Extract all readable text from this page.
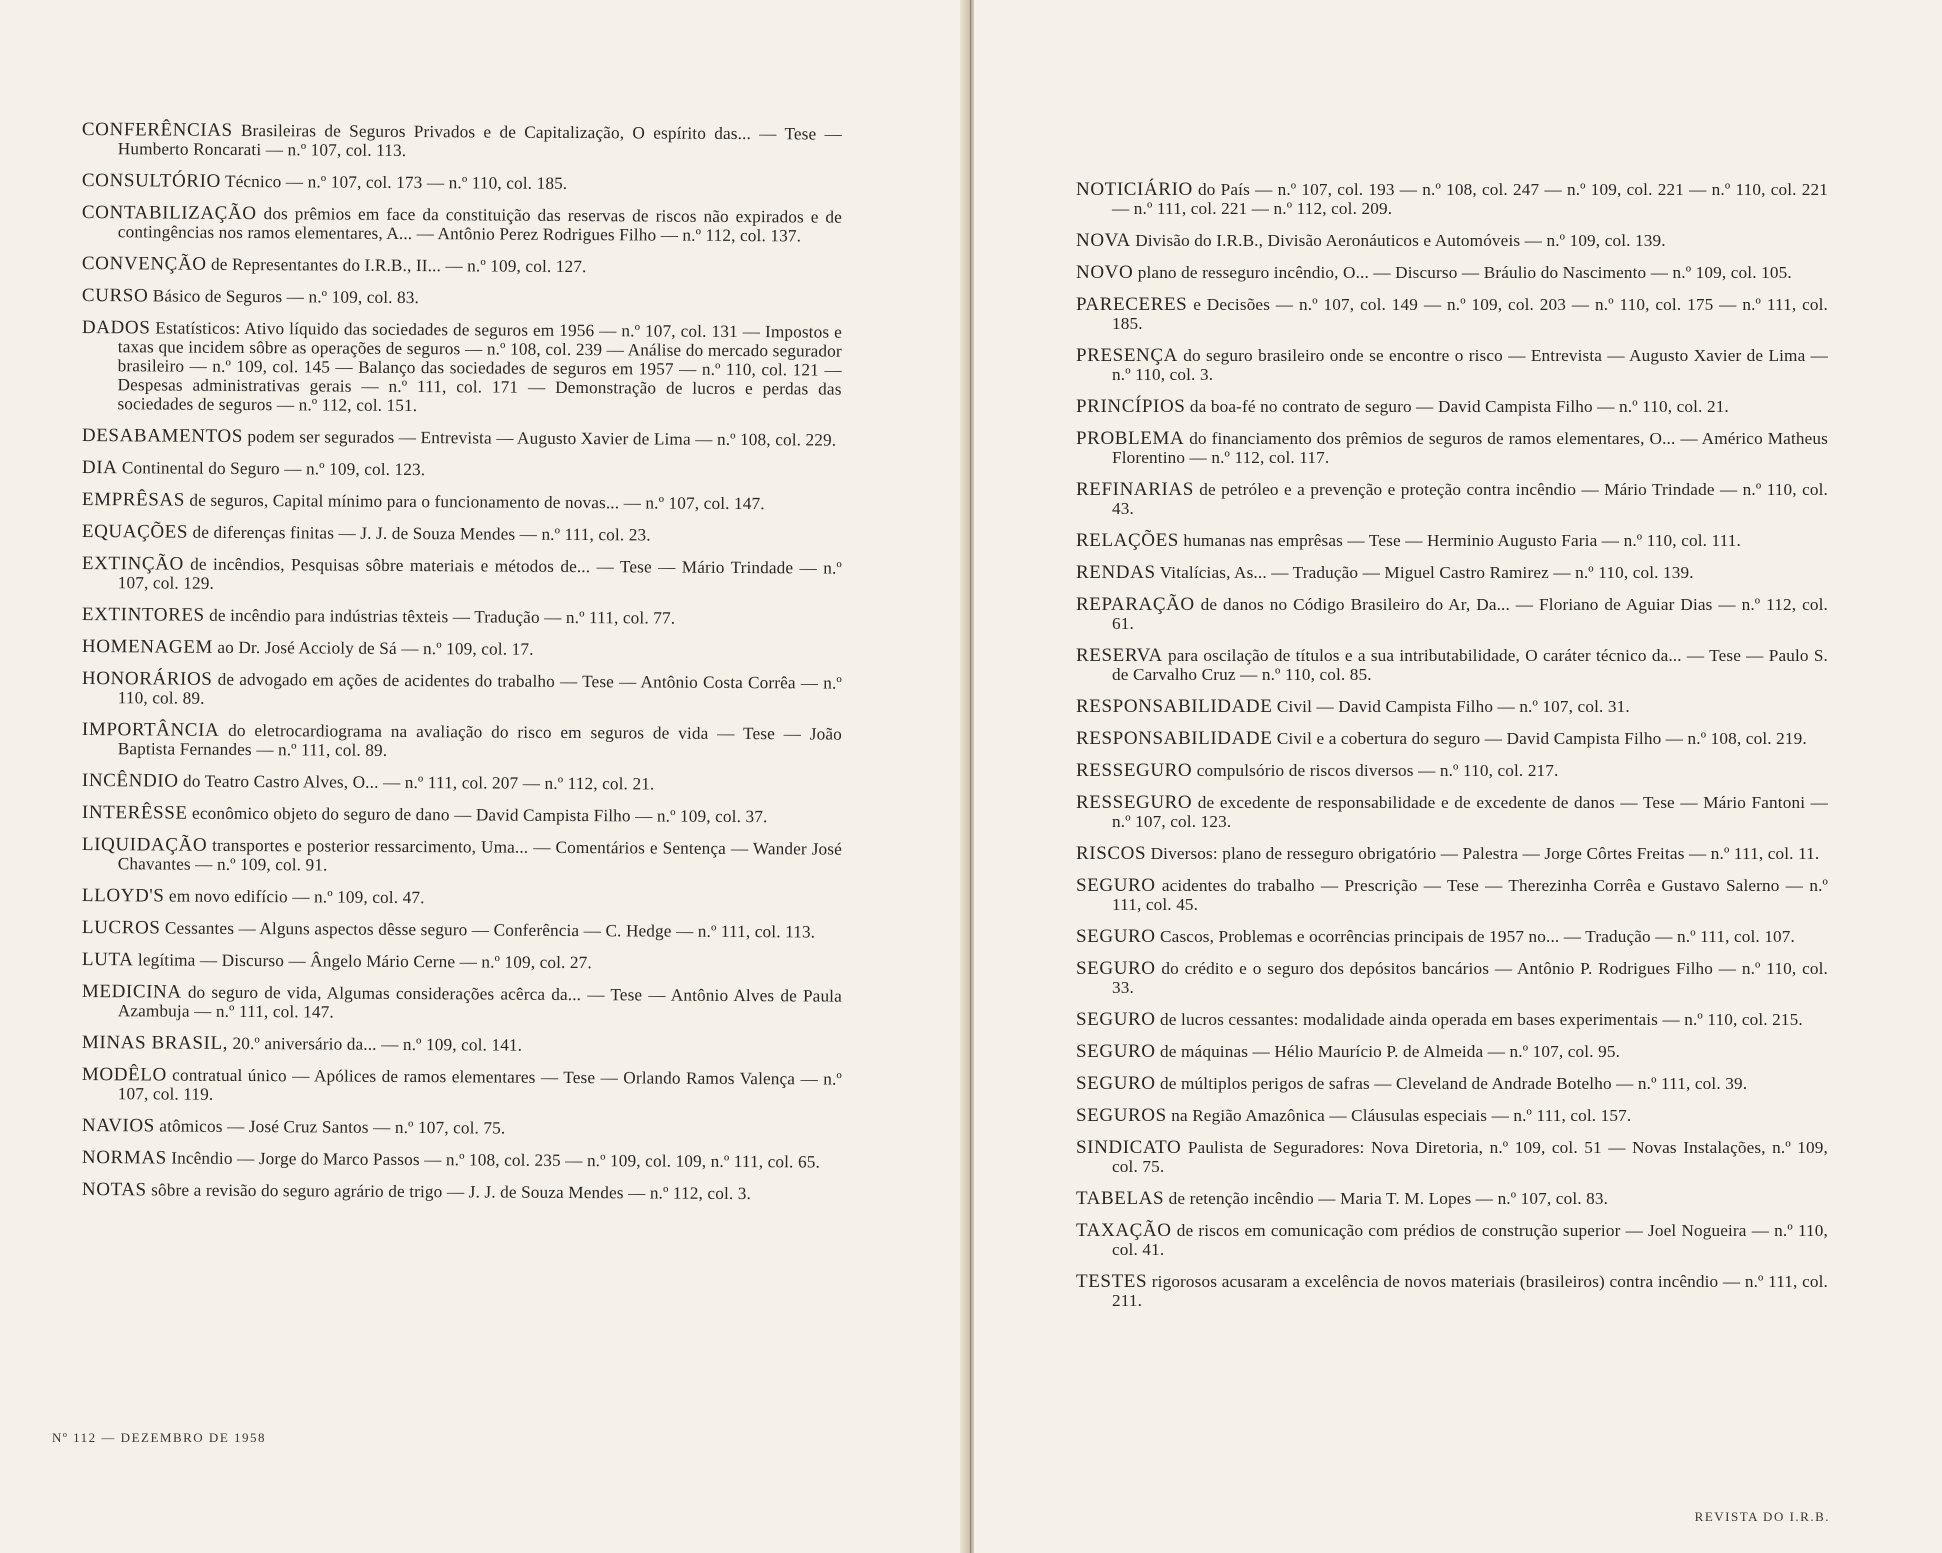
CONFERÊNCIAS Brasileiras de Seguros Privados e de Capitalização, O espírito das... — Tese — Humberto Roncarati — n.º 107, col. 113.

CONSULTÓRIO Técnico — n.º 107, col. 173 — n.º 110, col. 185.

CONTABILIZAÇÃO dos prêmios em face da constituição das reservas de riscos não expirados e de contingências nos ramos elementares, A... — Antônio Perez Rodrigues Filho — n.º 112, col. 137.

CONVENÇÃO de Representantes do I.R.B., II... — n.º 109, col. 127.

CURSO Básico de Seguros — n.º 109, col. 83.

DADOS Estatísticos: Ativo líquido das sociedades de seguros em 1956 — n.º 107, col. 131 — Impostos e taxas que incidem sôbre as operações de seguros — n.º 108, col. 239 — Análise do mercado segurador brasileiro — n.º 109, col. 145 — Balanço das sociedades de seguros em 1957 — n.º 110, col. 121 — Despesas administrativas gerais — n.º 111, col. 171 — Demonstração de lucros e perdas das sociedades de seguros — n.º 112, col. 151.

DESABAMENTOS podem ser segurados — Entrevista — Augusto Xavier de Lima — n.º 108, col. 229.

DIA Continental do Seguro — n.º 109, col. 123.

EMPRÊSAS de seguros, Capital mínimo para o funcionamento de novas... — n.º 107, col. 147.

EQUAÇÕES de diferenças finitas — J. J. de Souza Mendes — n.º 111, col. 23.

EXTINÇÃO de incêndios, Pesquisas sôbre materiais e métodos de... — Tese — Mário Trindade — n.º 107, col. 129.

EXTINTORES de incêndio para indústrias têxteis — Tradução — n.º 111, col. 77.

HOMENAGEM ao Dr. José Accioly de Sá — n.º 109, col. 17.

HONORÁRIOS de advogado em ações de acidentes do trabalho — Tese — Antônio Costa Corrêa — n.º 110, col. 89.

IMPORTÂNCIA do eletrocardiograma na avaliação do risco em seguros de vida — Tese — João Baptista Fernandes — n.º 111, col. 89.

INCÊNDIO do Teatro Castro Alves, O... — n.º 111, col. 207 — n.º 112, col. 21.

INTERÊSSE econômico objeto do seguro de dano — David Campista Filho — n.º 109, col. 37.

LIQUIDAÇÃO transportes e posterior ressarcimento, Uma... — Comentários e Sentença — Wander José Chavantes — n.º 109, col. 91.

LLOYD'S em novo edifício — n.º 109, col. 47.

LUCROS Cessantes — Alguns aspectos dêsse seguro — Conferência — C. Hedge — n.º 111, col. 113.

LUTA legítima — Discurso — Ângelo Mário Cerne — n.º 109, col. 27.

MEDICINA do seguro de vida, Algumas considerações acêrca da... — Tese — Antônio Alves de Paula Azambuja — n.º 111, col. 147.

MINAS BRASIL, 20.º aniversário da... — n.º 109, col. 141.

MODÊLO contratual único — Apólices de ramos elementares — Tese — Orlando Ramos Valença — n.º 107, col. 119.

NAVIOS atômicos — José Cruz Santos — n.º 107, col. 75.

NORMAS Incêndio — Jorge do Marco Passos — n.º 108, col. 235 — n.º 109, col. 109, n.º 111, col. 65.

NOTAS sôbre a revisão do seguro agrário de trigo — J. J. de Souza Mendes — n.º 112, col. 3.

Nº 112 — DEZEMBRO DE 1958

NOTICIÁRIO do País — n.º 107, col. 193 — n.º 108, col. 247 — n.º 109, col. 221 — n.º 110, col. 221 — n.º 111, col. 221 — n.º 112, col. 209.

NOVA Divisão do I.R.B., Divisão Aeronáuticos e Automóveis — n.º 109, col. 139.

NOVO plano de resseguro incêndio, O... — Discurso — Bráulio do Nascimento — n.º 109, col. 105.

PARECERES e Decisões — n.º 107, col. 149 — n.º 109, col. 203 — n.º 110, col. 175 — n.º 111, col. 185.

PRESENÇA do seguro brasileiro onde se encontre o risco — Entrevista — Augusto Xavier de Lima — n.º 110, col. 3.

PRINCÍPIOS da boa-fé no contrato de seguro — David Campista Filho — n.º 110, col. 21.

PROBLEMA do financiamento dos prêmios de seguros de ramos elementares, O... — Américo Matheus Florentino — n.º 112, col. 117.

REFINARIAS de petróleo e a prevenção e proteção contra incêndio — Mário Trindade — n.º 110, col. 43.

RELAÇÕES humanas nas emprêsas — Tese — Herminio Augusto Faria — n.º 110, col. 111.

RENDAS Vitalícias, As... — Tradução — Miguel Castro Ramirez — n.º 110, col. 139.

REPARAÇÃO de danos no Código Brasileiro do Ar, Da... — Floriano de Aguiar Dias — n.º 112, col. 61.

RESERVA para oscilação de títulos e a sua intributabilidade, O caráter técnico da... — Tese — Paulo S. de Carvalho Cruz — n.º 110, col. 85.

RESPONSABILIDADE Civil — David Campista Filho — n.º 107, col. 31.

RESPONSABILIDADE Civil e a cobertura do seguro — David Campista Filho — n.º 108, col. 219.

RESSEGURO compulsório de riscos diversos — n.º 110, col. 217.

RESSEGURO de excedente de responsabilidade e de excedente de danos — Tese — Mário Fantoni — n.º 107, col. 123.

RISCOS Diversos: plano de resseguro obrigatório — Palestra — Jorge Côrtes Freitas — n.º 111, col. 11.

SEGURO acidentes do trabalho — Prescrição — Tese — Therezinha Corrêa e Gustavo Salerno — n.º 111, col. 45.

SEGURO Cascos, Problemas e ocorrências principais de 1957 no... — Tradução — n.º 111, col. 107.

SEGURO do crédito e o seguro dos depósitos bancários — Antônio P. Rodrigues Filho — n.º 110, col. 33.

SEGURO de lucros cessantes: modalidade ainda operada em bases experimentais — n.º 110, col. 215.

SEGURO de máquinas — Hélio Maurício P. de Almeida — n.º 107, col. 95.

SEGURO de múltiplos perigos de safras — Cleveland de Andrade Botelho — n.º 111, col. 39.

SEGUROS na Região Amazônica — Cláusulas especiais — n.º 111, col. 157.

SINDICATO Paulista de Seguradores: Nova Diretoria, n.º 109, col. 51 — Novas Instalações, n.º 109, col. 75.

TABELAS de retenção incêndio — Maria T. M. Lopes — n.º 107, col. 83.

TAXAÇÃO de riscos em comunicação com prédios de construção superior — Joel Nogueira — n.º 110, col. 41.

TESTES rigorosos acusaram a excelência de novos materiais (brasileiros) contra incêndio — n.º 111, col. 211.

REVISTA DO I.R.B.
